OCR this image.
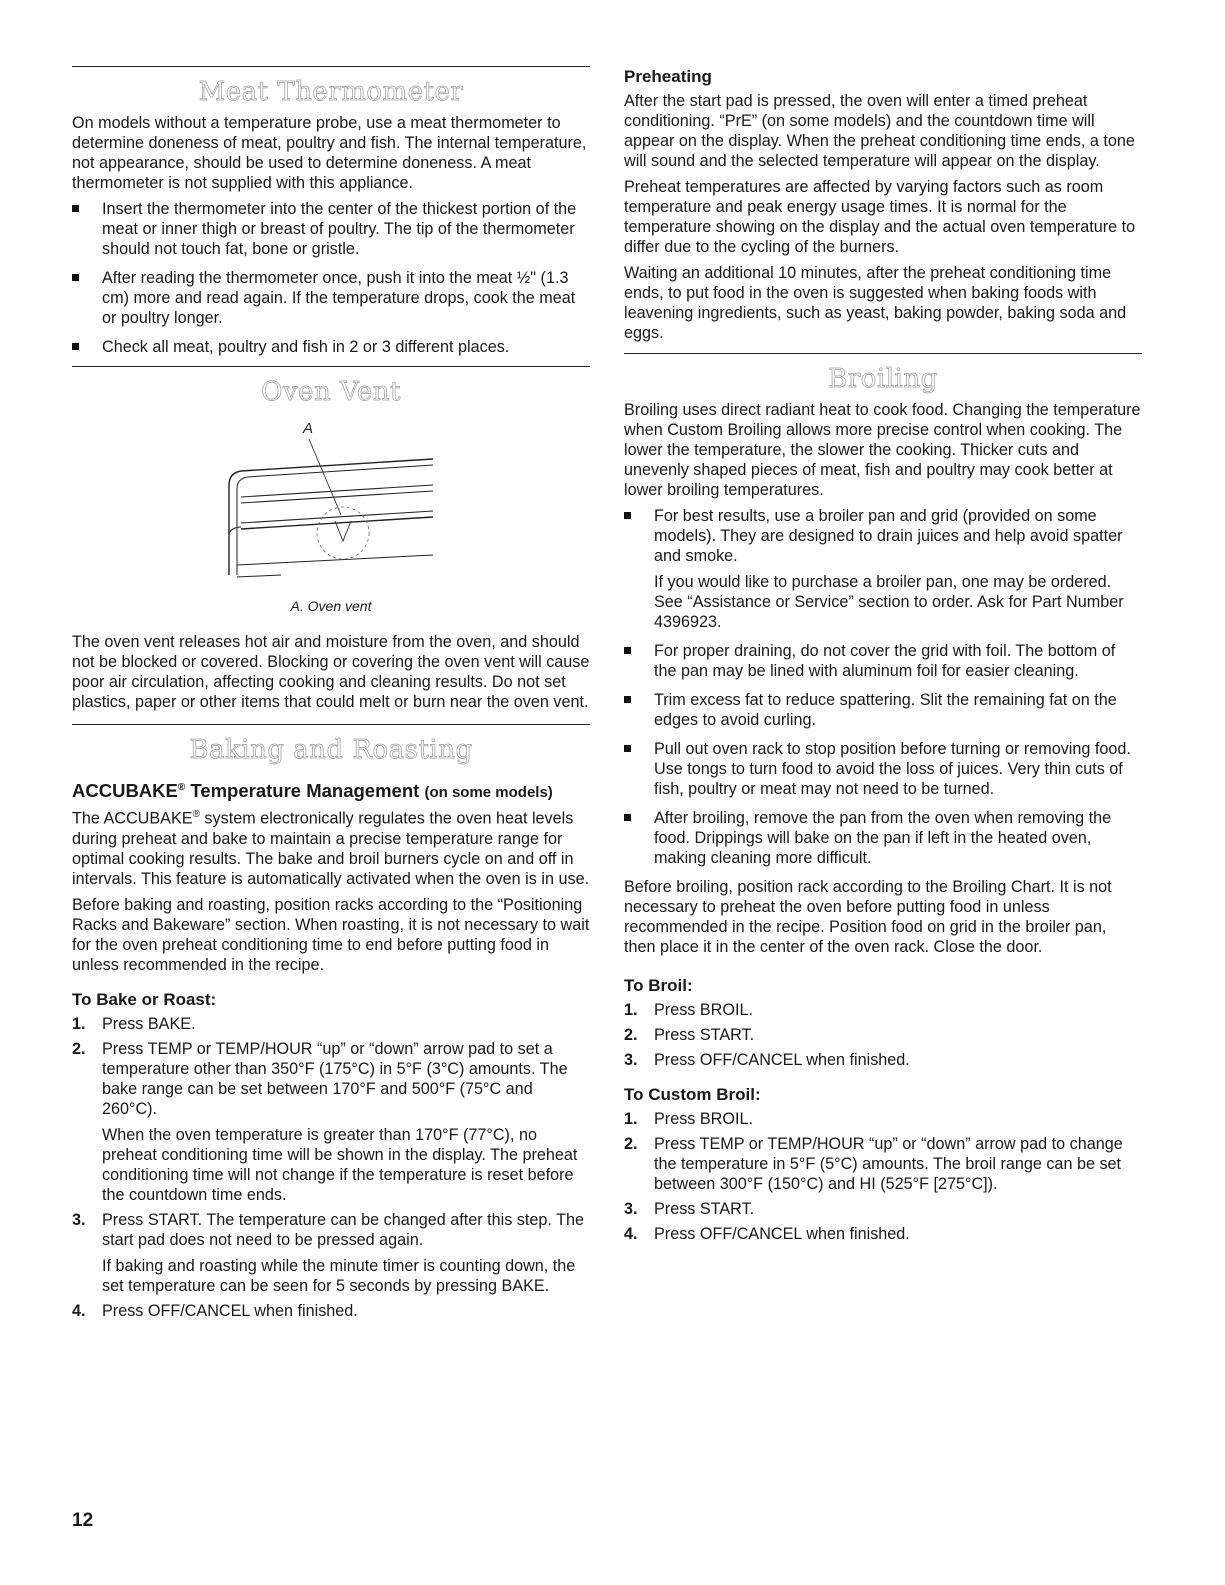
Meat Thermometer

On models without a temperature probe, use a meat thermometer to determine doneness of meat, poultry and fish. The internal temperature, not appearance, should be used to determine doneness. A meat thermometer is not supplied with this appliance.

Insert the thermometer into the center of the thickest portion of the meat or inner thigh or breast of poultry. The tip of the thermometer should not touch fat, bone or gristle.
After reading the thermometer once, push it into the meat ½" (1.3 cm) more and read again. If the temperature drops, cook the meat or poultry longer.
Check all meat, poultry and fish in 2 or 3 different places.
Oven Vent
A
A. Oven vent

The oven vent releases hot air and moisture from the oven, and should not be blocked or covered. Blocking or covering the oven vent will cause poor air circulation, affecting cooking and cleaning results. Do not set plastics, paper or other items that could melt or burn near the oven vent.

Baking and Roasting
ACCUBAKE® Temperature Management (on some models)

The ACCUBAKE® system electronically regulates the oven heat levels during preheat and bake to maintain a precise temperature range for optimal cooking results. The bake and broil burners cycle on and off in intervals. This feature is automatically activated when the oven is in use.

Before baking and roasting, position racks according to the “Positioning Racks and Bakeware” section. When roasting, it is not necessary to wait for the oven preheat conditioning time to end before putting food in unless recommended in the recipe.

To Bake or Roast:
1. Press BAKE.
2. Press TEMP or TEMP/HOUR “up” or “down” arrow pad to set a temperature other than 350°F (175°C) in 5°F (3°C) amounts. The bake range can be set between 170°F and 500°F (75°C and 260°C).

When the oven temperature is greater than 170°F (77°C), no preheat conditioning time will be shown in the display. The preheat conditioning time will not change if the temperature is reset before the countdown time ends.

3. Press START. The temperature can be changed after this step. The start pad does not need to be pressed again.

If baking and roasting while the minute timer is counting down, the set temperature can be seen for 5 seconds by pressing BAKE.

4. Press OFF/CANCEL when finished.
Preheating

After the start pad is pressed, the oven will enter a timed preheat conditioning. “PrE” (on some models) and the countdown time will appear on the display. When the preheat conditioning time ends, a tone will sound and the selected temperature will appear on the display.

Preheat temperatures are affected by varying factors such as room temperature and peak energy usage times. It is normal for the temperature showing on the display and the actual oven temperature to differ due to the cycling of the burners.

Waiting an additional 10 minutes, after the preheat conditioning time ends, to put food in the oven is suggested when baking foods with leavening ingredients, such as yeast, baking powder, baking soda and eggs.

Broiling

Broiling uses direct radiant heat to cook food. Changing the temperature when Custom Broiling allows more precise control when cooking. The lower the temperature, the slower the cooking. Thicker cuts and unevenly shaped pieces of meat, fish and poultry may cook better at lower broiling temperatures.

For best results, use a broiler pan and grid (provided on some models). They are designed to drain juices and help avoid spatter and smoke.

If you would like to purchase a broiler pan, one may be ordered. See “Assistance or Service” section to order. Ask for Part Number 4396923.

For proper draining, do not cover the grid with foil. The bottom of the pan may be lined with aluminum foil for easier cleaning.
Trim excess fat to reduce spattering. Slit the remaining fat on the edges to avoid curling.
Pull out oven rack to stop position before turning or removing food. Use tongs to turn food to avoid the loss of juices. Very thin cuts of fish, poultry or meat may not need to be turned.
After broiling, remove the pan from the oven when removing the food. Drippings will bake on the pan if left in the heated oven, making cleaning more difficult.

Before broiling, position rack according to the Broiling Chart. It is not necessary to preheat the oven before putting food in unless recommended in the recipe. Position food on grid in the broiler pan, then place it in the center of the oven rack. Close the door.

To Broil:
1. Press BROIL.
2. Press START.
3. Press OFF/CANCEL when finished.
To Custom Broil:
1. Press BROIL.
2. Press TEMP or TEMP/HOUR “up” or “down” arrow pad to change the temperature in 5°F (5°C) amounts. The broil range can be set between 300°F (150°C) and HI (525°F [275°C]).
3. Press START.
4. Press OFF/CANCEL when finished.
12
